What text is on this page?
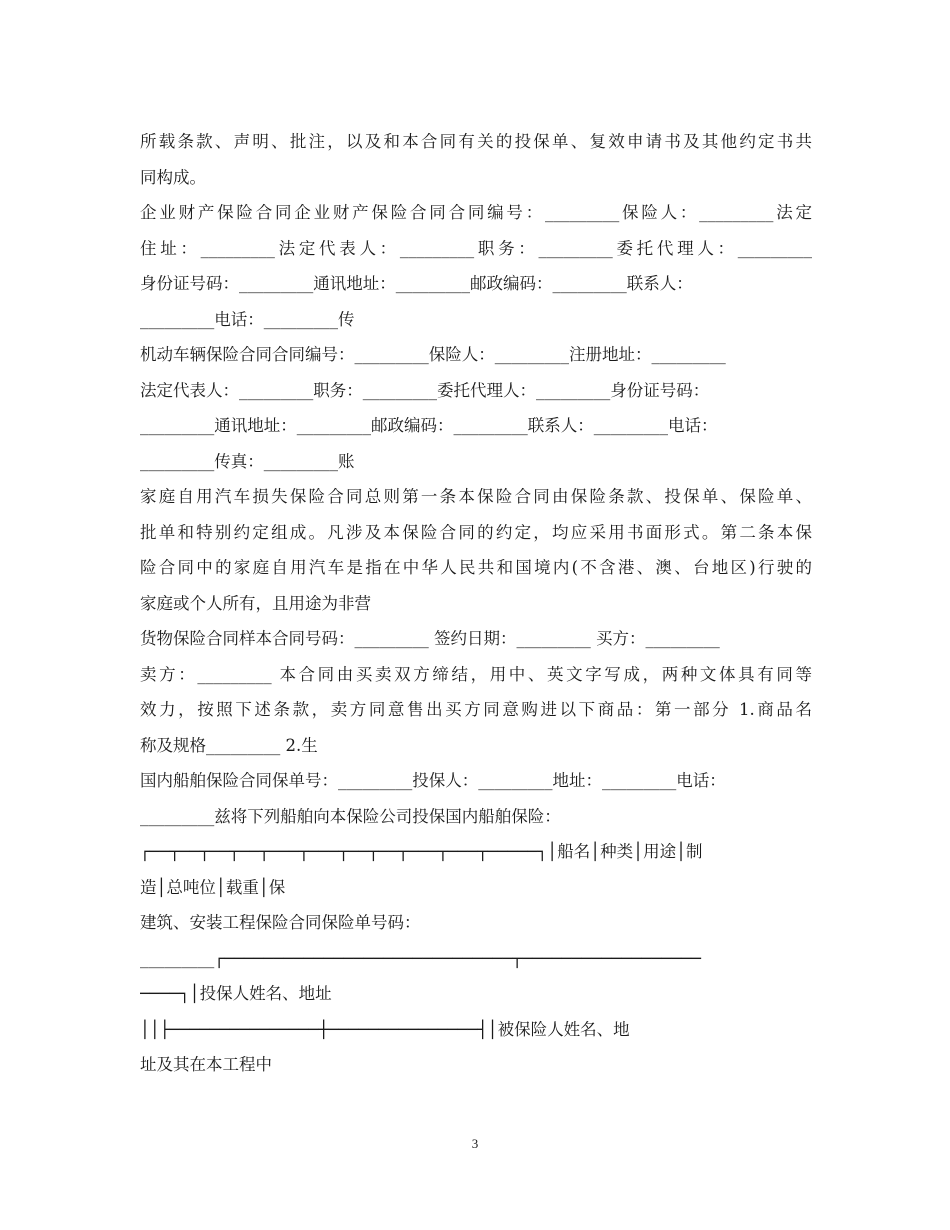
所载条款、声明、批注，以及和本合同有关的投保单、复效申请书及其他约定书共
同构成。
企业财产保险合同企业财产保险合同合同编号：_________保险人：_________法定
住址：_________法定代表人：_________职务：_________委托代理人：_________
身份证号码：_________通讯地址：_________邮政编码：_________联系人：
_________电话：_________传
机动车辆保险合同合同编号：_________保险人：_________注册地址：_________
法定代表人：_________职务：_________委托代理人：_________身份证号码：
_________通讯地址：_________邮政编码：_________联系人：_________电话：
_________传真：_________账
家庭自用汽车损失保险合同总则第一条本保险合同由保险条款、投保单、保险单、
批单和特别约定组成。凡涉及本保险合同的约定，均应采用书面形式。第二条本保
险合同中的家庭自用汽车是指在中华人民共和国境内(不含港、澳、台地区)行驶的
家庭或个人所有，且用途为非营
货物保险合同样本合同号码：_________ 签约日期：_________ 买方：_________
卖方：_________ 本合同由买卖双方缔结，用中、英文字写成，两种文体具有同等
效力，按照下述条款，卖方同意售出买方同意购进以下商品：第一部分 1.商品名
称及规格_________ 2.生
国内船舶保险合同保单号：_________投保人：_________地址：_________电话：
_________兹将下列船舶向本保险公司投保国内船舶保险：
┌──┬──┬──┬──┬───┬───┬──┬──┬───┬───┬─────┐│船名│种类│用途│制
造│总吨位│载重│保
建筑、安装工程保险合同保险单号码：
_________┌─────────────────────────────┬──────────────────
────┐│投保人姓名、地址
││├───────────────┼───────────────┤│被保险人姓名、地
址及其在本工程中
3
